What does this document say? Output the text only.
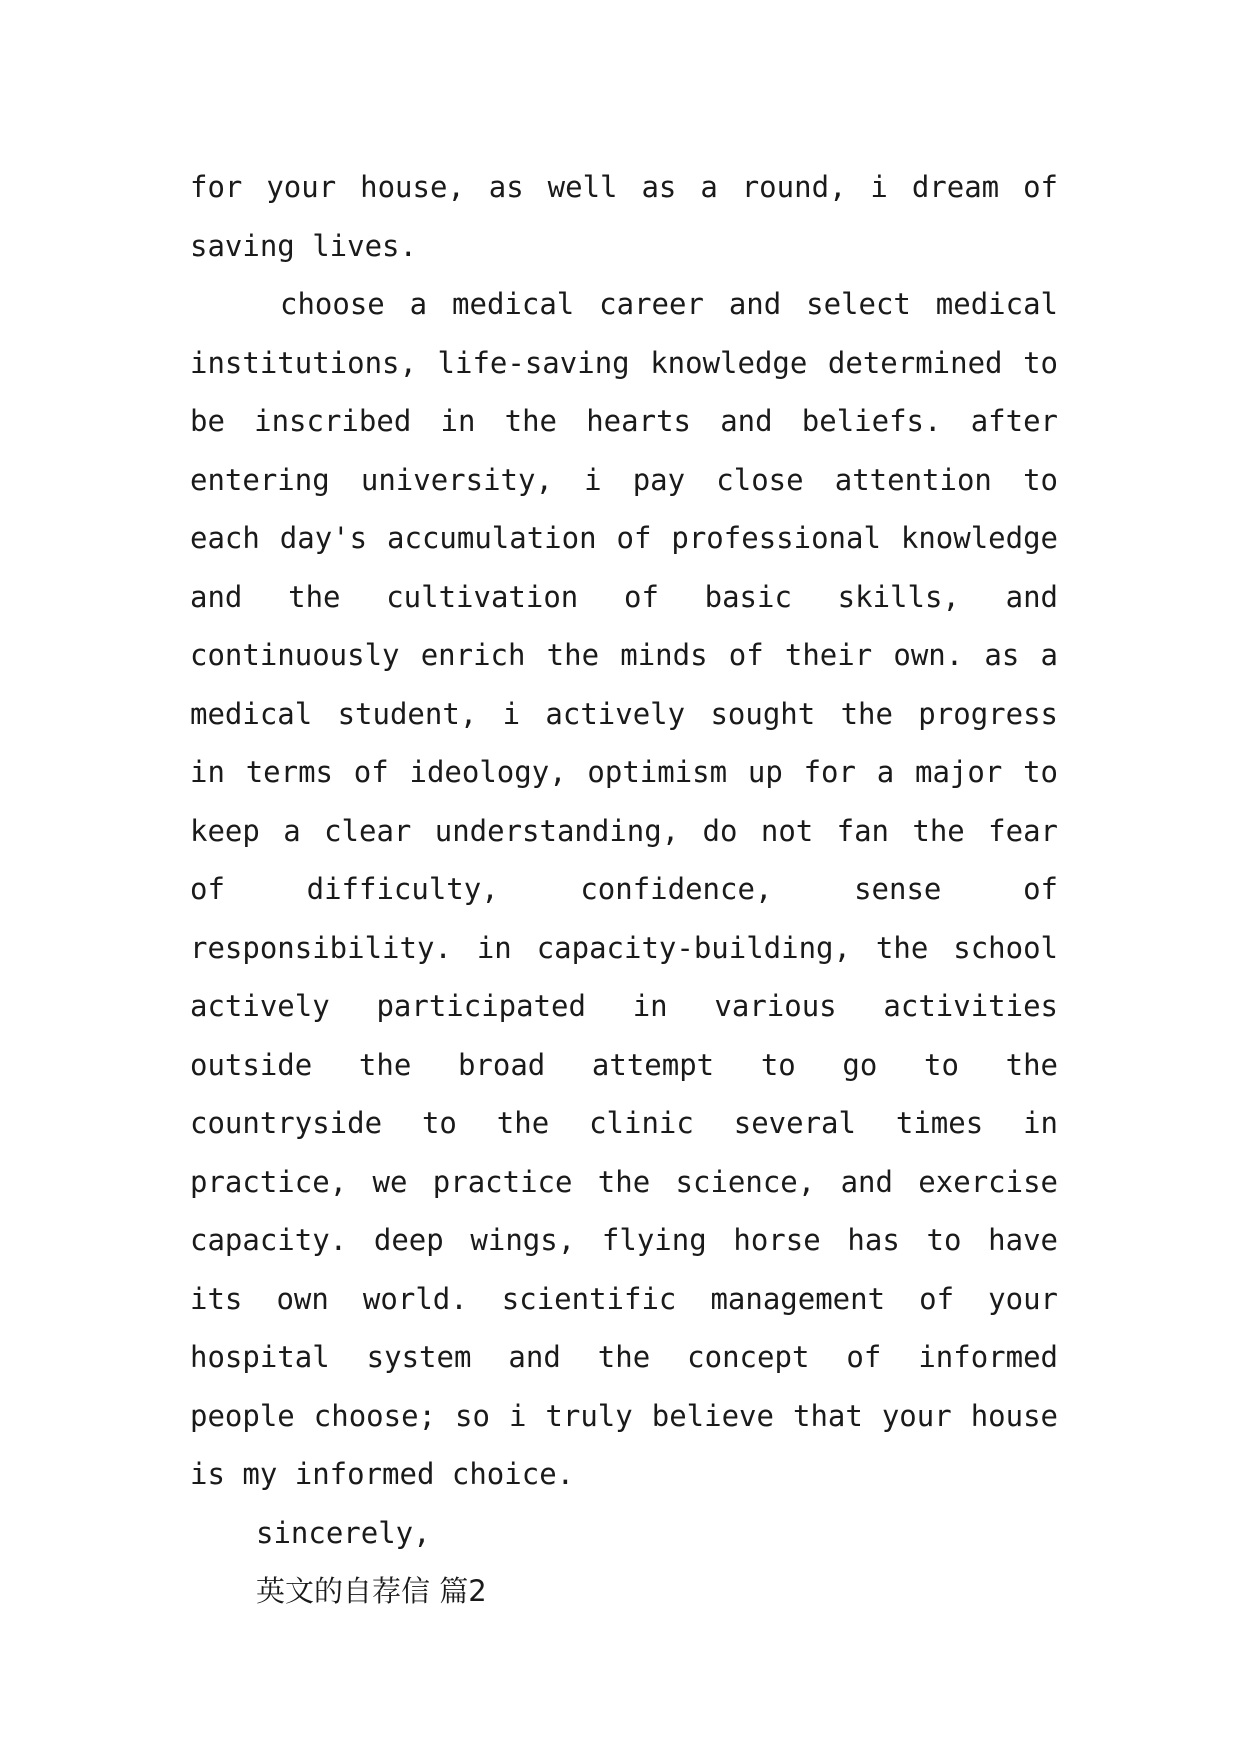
for your house, as well as a round, i dream of saving lives.

choose a medical career and select medical institutions, life-saving knowledge determined to be inscribed in the hearts and beliefs. after entering university, i pay close attention to each day's accumulation of professional knowledge and the cultivation of basic skills, and continuously enrich the minds of their own. as a medical student, i actively sought the progress in terms of ideology, optimism up for a major to keep a clear understanding, do not fan the fear of difficulty, confidence, sense of responsibility. in capacity-building, the school actively participated in various activities outside the broad attempt to go to the countryside to the clinic several times in practice, we practice the science, and exercise capacity. deep wings, flying horse has to have its own world. scientific management of your hospital system and the concept of informed people choose; so i truly believe that your house is my informed choice.

sincerely,

英文的自荐信 篇2
